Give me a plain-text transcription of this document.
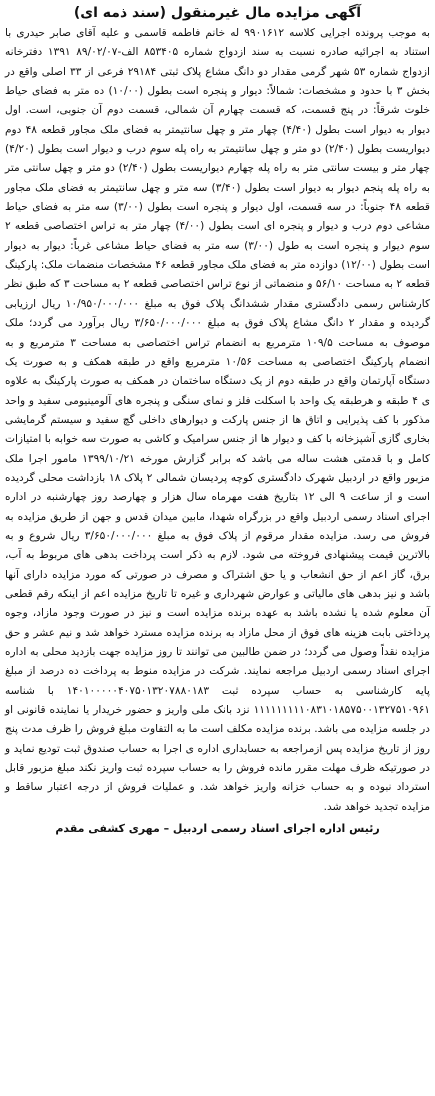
آگهی مزایده مال غیرمنقول (سند ذمه ای)

به موجب پرونده اجرایی کلاسه ۹۹۰۱۶۱۲ له خانم فاطمه قاسمی و علیه آقای صابر حیدری با استناد به اجرائیه صادره نسبت به سند ازدواج شماره ۸۵۳۴۰۵ الف-۸۹/۰۲/۰۷ ۱۳۹۱ دفترخانه ازدواج شماره ۵۳ شهر گرمی مقدار دو دانگ مشاع پلاک ثبتی ۲۹۱۸۴ فرعی از ۳۳ اصلی واقع در بخش ۳ با حدود و مشخصات: شمالاً: دیوار و پنجره است بطول (۱۰/۰۰) ده متر به فضای حیاط خلوت شرقاً: در پنج قسمت، که قسمت چهارم آن شمالی، قسمت دوم آن جنوبی، است. اول دیوار به دیوار است بطول (۴/۴۰) چهار متر و چهل سانتیمتر به فضای ملک مجاور قطعه ۴۸ دوم دیواریست بطول (۲/۴۰) دو متر و چهل سانتیمتر به راه پله سوم درب و دیوار است بطول (۴/۲۰) چهار متر و بیست سانتی متر به راه پله چهارم دیواریست بطول (۲/۴۰) دو متر و چهل سانتی متر به راه پله پنجم دیوار به دیوار است بطول (۳/۴۰) سه متر و چهل سانتیمتر به فضای ملک مجاور قطعه ۴۸ جنوباً: در سه قسمت، اول دیوار و پنجره است بطول (۳/۰۰) سه متر به فضای حیاط مشاعی دوم درب و دیوار و پنجره ای است بطول (۴/۰۰) چهار متر به تراس اختصاصی قطعه ۲ سوم دیوار و پنجره است به طول (۳/۰۰) سه متر به فضای حیاط مشاعی غرباً: دیوار به دیوار است بطول (۱۲/۰۰) دوازده متر به فضای ملک مجاور قطعه ۴۶ مشخصات منضمات ملک: پارکینگ قطعه ۲ به مساحت ۵۶/۱۰ و منضماتی از نوع تراس اختصاصی قطعه ۲ به مساحت ۳ که طبق نظر کارشناس رسمی دادگستری مقدار ششدانگ پلاک فوق به مبلغ ۱۰/۹۵۰/۰۰۰/۰۰۰ ریال ارزیابی گردیده و مقدار ۲ دانگ مشاع پلاک فوق به مبلغ ۳/۶۵۰/۰۰۰/۰۰۰ ریال برآورد می گردد؛ ملک موصوف به مساحت ۱۰۹/۵ مترمربع به انضمام تراس اختصاصی به مساحت ۳ مترمربع و به انضمام پارکینگ اختصاصی به مساحت ۱۰/۵۶ مترمربع واقع در طبقه همکف و به صورت یک دستگاه آپارتمان واقع در طبقه دوم از یک دستگاه ساختمان در همکف به صورت پارکینگ به علاوه ی ۴ طبقه و هرطبقه یک واحد با اسکلت فلز و نمای سنگی و پنجره های آلومینیومی سفید و واحد مذکور با کف پذیرایی و اتاق ها از جنس پارکت و دیوارهای داخلی گچ سفید و سیستم گرمایشی بخاری گازی آشپزخانه با کف و دیوار ها از جنس سرامیک و کاشی به صورت سه خوابه با امتیازات کامل و با قدمتی هشت ساله می باشد که برابر گزارش مورخه ۱۳۹۹/۱۰/۲۱ مامور اجرا ملک مزبور واقع در اردبیل شهرک دادگستری کوچه پردیسان شمالی ۲ پلاک ۱۸ بازداشت محلی گردیده است و از ساعت ۹ الی ۱۲ بتاریخ هفت مهرماه سال هزار و چهارصد روز چهارشنبه در اداره اجرای اسناد رسمی اردبیل واقع در بزرگراه شهدا، مابین میدان قدس و جهن از طریق مزایده به فروش می رسد. مزایده مقدار مرقوم از پلاک فوق به مبلغ ۳/۶۵۰/۰۰۰/۰۰۰ ریال شروع و به بالاترین قیمت پیشنهادی فروخته می شود. لازم به ذکر است پرداخت بدهی های مربوط به آب، برق، گاز اعم از حق انشعاب و یا حق اشتراک و مصرف در صورتی که مورد مزایده دارای آنها باشد و نیز بدهی های مالیاتی و عوارض شهرداری و غیره تا تاریخ مزایده اعم از اینکه رقم قطعی آن معلوم شده یا نشده باشد به عهده برنده مزایده است و نیز در صورت وجود مازاد، وجوه پرداختی بابت هزینه های فوق از محل مازاد به برنده مزایده مسترد خواهد شد و نیم عشر و حق مزایده نقداً وصول می گردد؛ در ضمن طالبین می توانند تا روز مزایده جهت بازدید محلی به اداره اجرای اسناد رسمی اردبیل مراجعه نمایند. شرکت در مزایده منوط به پرداخت ده درصد از مبلغ پایه کارشناسی به حساب سپرده ثبت ۱۴۰۱۰۰۰۰۰۴۰۷۵۰۱۳۲۰۷۸۸۰۱۸۳ با شناسه ۱۱۱۱۱۱۱۱۱۰۸۳۱۰۱۸۵۷۵۰۰۱۳۲۷۵۱۰۹۶۱ نزد بانک ملی واریز و حضور خریدار یا نماینده قانونی او در جلسه مزایده می باشد. برنده مزایده مکلف است ما به التفاوت مبلغ فروش را ظرف مدت پنج روز از تاریخ مزایده پس ازمراجعه به حسابداری اداره ی اجرا به حساب صندوق ثبت تودیع نماید و در صورتیکه ظرف مهلت مقرر مانده فروش را به حساب سپرده ثبت واریز نکند مبلغ مزبور قابل استرداد نبوده و به حساب خزانه واریز خواهد شد. و عملیات فروش از درجه اعتبار ساقط و مزایده تجدید خواهد شد.

رئیس اداره اجرای اسناد رسمی اردبیل – مهری کشفی مقدم
